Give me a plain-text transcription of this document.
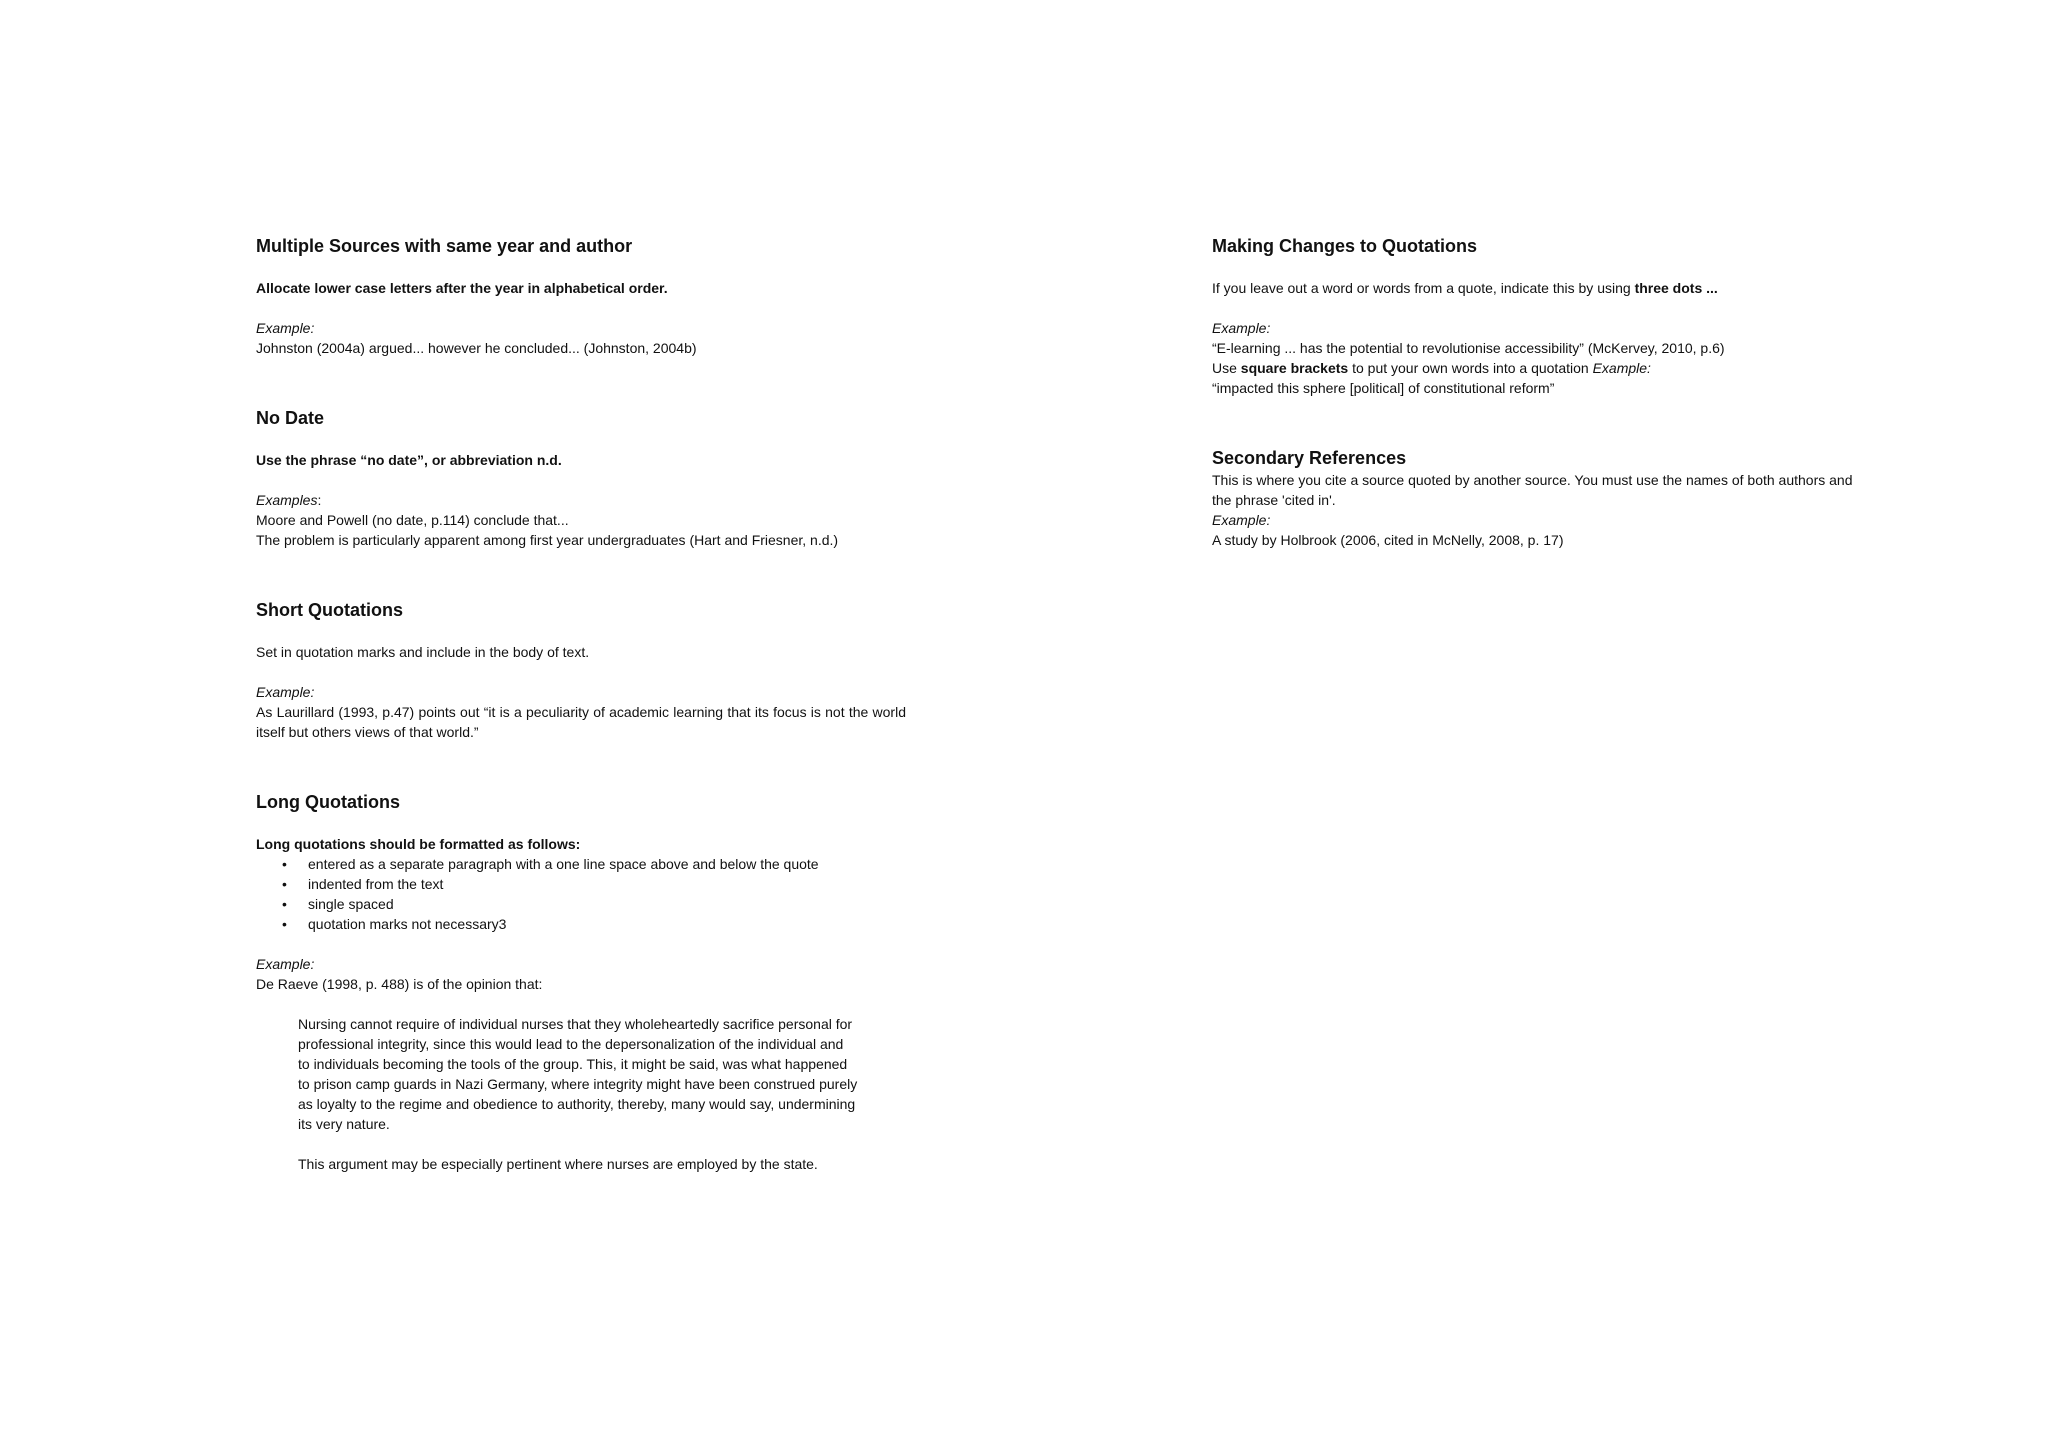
Multiple Sources with same year and author

Allocate lower case letters after the year in alphabetical order.

Example:

Johnston (2004a) argued... however he concluded... (Johnston, 2004b)

No Date

Use the phrase “no date”, or abbreviation n.d.

Examples:

Moore and Powell (no date, p.114) conclude that...

The problem is particularly apparent among first year undergraduates (Hart and Friesner, n.d.)

Short Quotations

Set in quotation marks and include in the body of text.

Example:

As Laurillard (1993, p.47) points out “it is a peculiarity of academic learning that its focus is not the world itself but others views of that world.”

Long Quotations

Long quotations should be formatted as follows:

• entered as a separate paragraph with a one line space above and below the quote
• indented from the text
• single spaced
• quotation marks not necessary3

Example:

De Raeve (1998, p. 488) is of the opinion that:

Nursing cannot require of individual nurses that they wholeheartedly sacrifice personal for

professional integrity, since this would lead to the depersonalization of the individual and

to individuals becoming the tools of the group. This, it might be said, was what happened

to prison camp guards in Nazi Germany, where integrity might have been construed purely

as loyalty to the regime and obedience to authority, thereby, many would say, undermining

its very nature.

This argument may be especially pertinent where nurses are employed by the state.

Making Changes to Quotations

If you leave out a word or words from a quote, indicate this by using three dots ...

Example:

“E-learning ... has the potential to revolutionise accessibility” (McKervey, 2010, p.6)

Use square brackets to put your own words into a quotation Example:

“impacted this sphere [political] of constitutional reform”

Secondary References

This is where you cite a source quoted by another source. You must use the names of both authors and the phrase 'cited in'.

Example:

A study by Holbrook (2006, cited in McNelly, 2008, p. 17)
